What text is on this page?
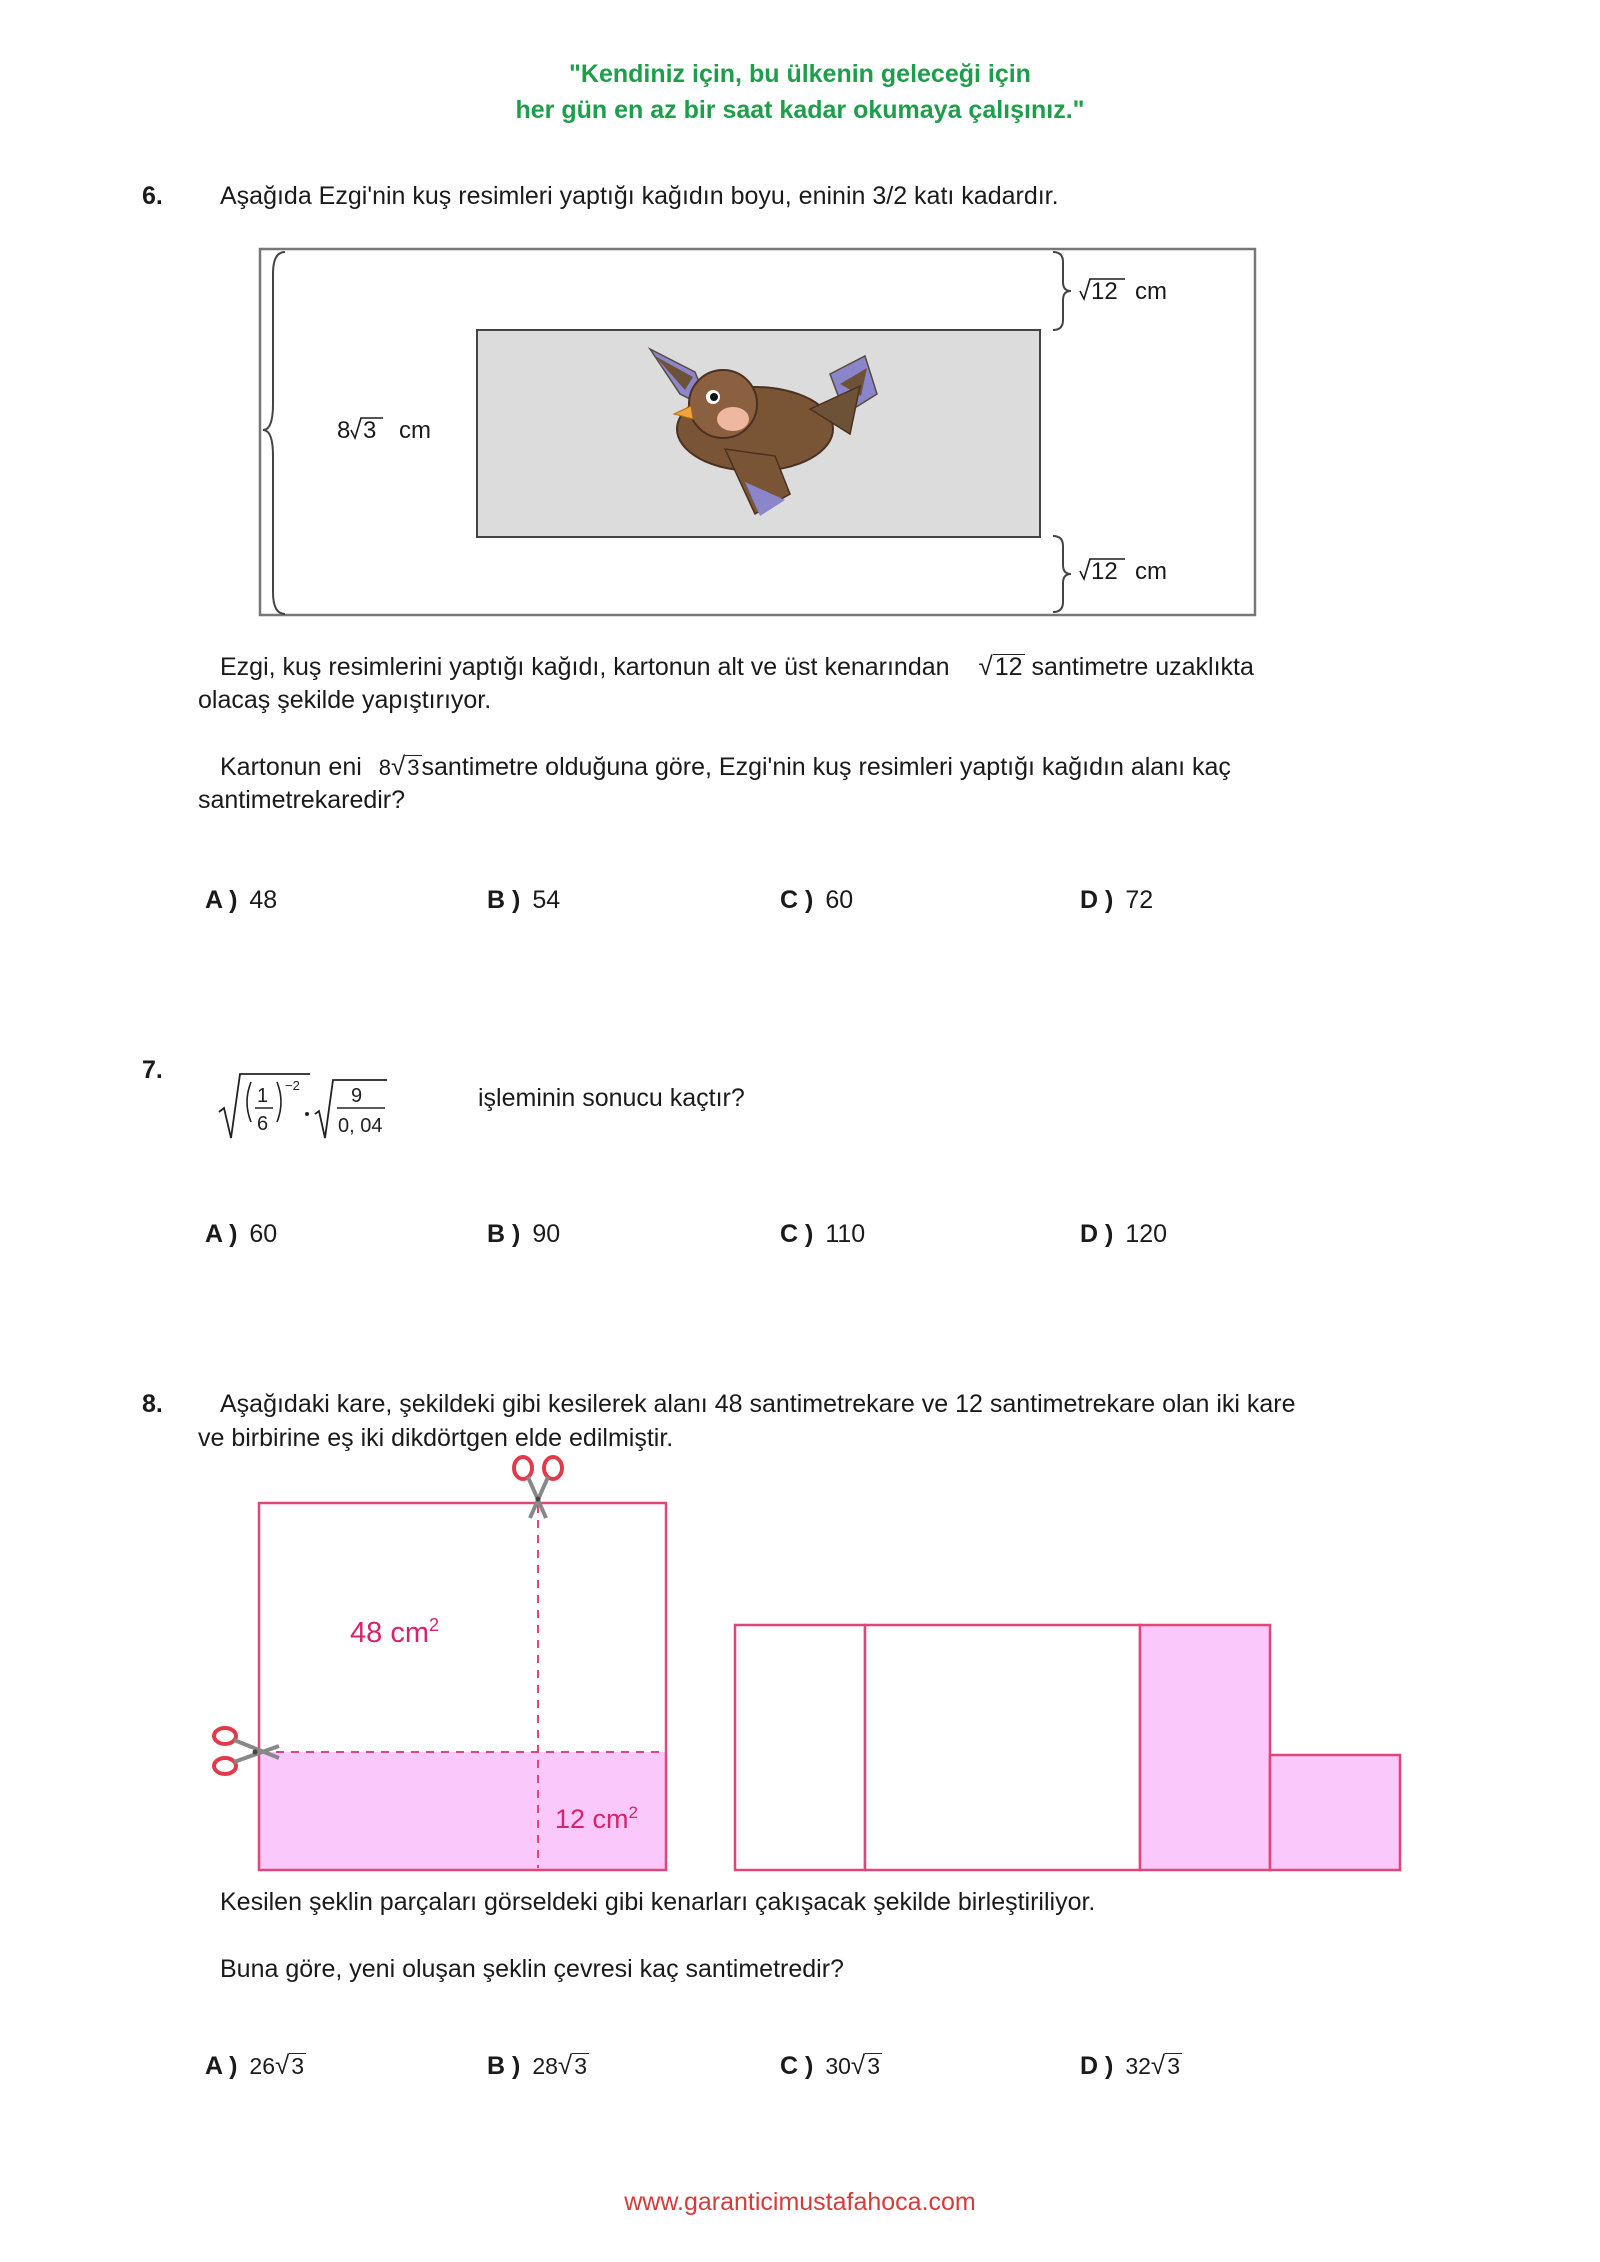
"Kendiniz için, bu ülkenin geleceği için
her gün en az bir saat kadar okumaya çalışınız."
6. Aşağıda Ezgi'nin kuş resimleri yaptığı kağıdın boyu, eninin 3/2 katı kadardır.
8 3 cm
12 cm
12 cm
Ezgi, kuş resimlerini yaptığı kağıdı, kartonun alt ve üst kenarından √12 santimetre uzaklıkta
olacaş şekilde yapıştırıyor.
Kartonun eni 8√3santimetre olduğuna göre, Ezgi'nin kuş resimleri yaptığı kağıdın alanı kaç
santimetrekaredir?
A ) 48	B ) 54	C ) 60	D ) 72
7.
1
6
−2	9
0, 04
işleminin sonucu kaçtır?
A ) 60	B ) 90	C ) 110	D ) 120
8. Aşağıdaki kare, şekildeki gibi kesilerek alanı 48 santimetrekare ve 12 santimetrekare olan iki kare
ve birbirine eş iki dikdörtgen elde edilmiştir.
48 $cm^2$
12 $cm^2$
Kesilen şeklin parçaları görseldeki gibi kenarları çakışacak şekilde birleştiriliyor.
Buna göre, yeni oluşan şeklin çevresi kaç santimetredir?
A ) 26√3	B ) 28√3	C ) 30√3	D ) 32√3
www.garanticimustafahoca.com
